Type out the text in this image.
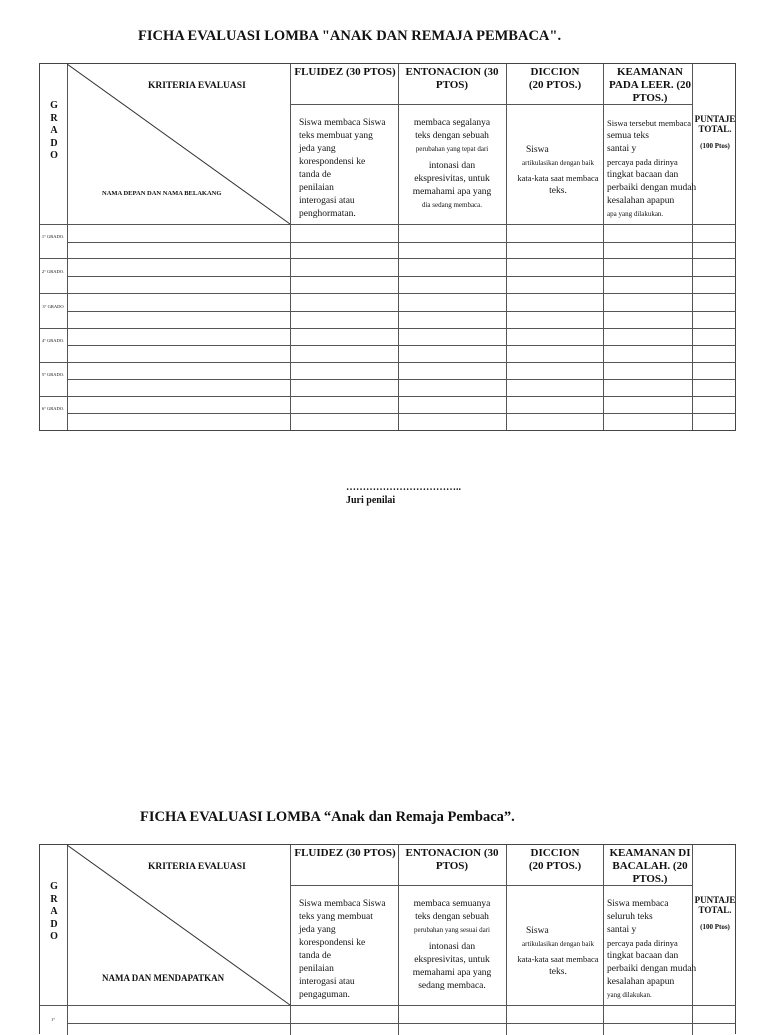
FICHA EVALUASI LOMBA "ANAK DAN REMAJA PEMBACA".
G
R
A
D
O
KRITERIA EVALUASI
NAMA DEPAN DAN NAMA BELAKANG
FLUIDEZ (30 PTOS) ENTONACION (30 PTOS)
DICCION (20 PTOS.)
KEAMANAN PADA LEER. (20 PTOS.)
PUNTAJE TOTAL.
(100 Ptos)
Siswa membaca Siswa
teks membuat yang
jeda yang
korespondensi ke
tanda de
penilaian
interogasi atau
penghormatan.
membaca segalanya
teks dengan sebuah
perubahan yang tepat dari
intonasi dan
ekspresivitas, untuk
memahami apa yang
dia sedang membaca.
Siswa
artikulasikan dengan baik
kata-kata saat membaca
teks.
Siswa tersebut membaca
semua teks
santai y
percaya pada dirinya
tingkat bacaan dan
perbaiki dengan mudah
kesalahan apapun
apa yang dilakukan.
1° GRADO.
2° GRADO.
3° GRADO
4° GRADO.
5° GRADO.
6° GRADO.
……………………………..
Juri penilai
FICHA EVALUASI LOMBA “Anak dan Remaja Pembaca”.
G
R
A
D
O
KRITERIA EVALUASI
NAMA DAN MENDAPATKAN
FLUIDEZ (30 PTOS) ENTONACION (30 PTOS)
DICCION (20 PTOS.)
KEAMANAN DI BACALAH. (20 PTOS.)
PUNTAJE TOTAL.
(100 Ptos)
Siswa membaca Siswa
teks yang membuat
jeda yang
korespondensi ke
tanda de
penilaian
interogasi atau
pengaguman.
membaca semuanya
teks dengan sebuah
perubahan yang sesuai dari
intonasi dan
ekspresivitas, untuk
memahami apa yang
sedang membaca.
Siswa
artikulasikan dengan baik
kata-kata saat membaca
teks.
Siswa membaca
seluruh teks
santai y
percaya pada dirinya
tingkat bacaan dan
perbaiki dengan mudah
kesalahan apapun
yang dilakukan.
1°
